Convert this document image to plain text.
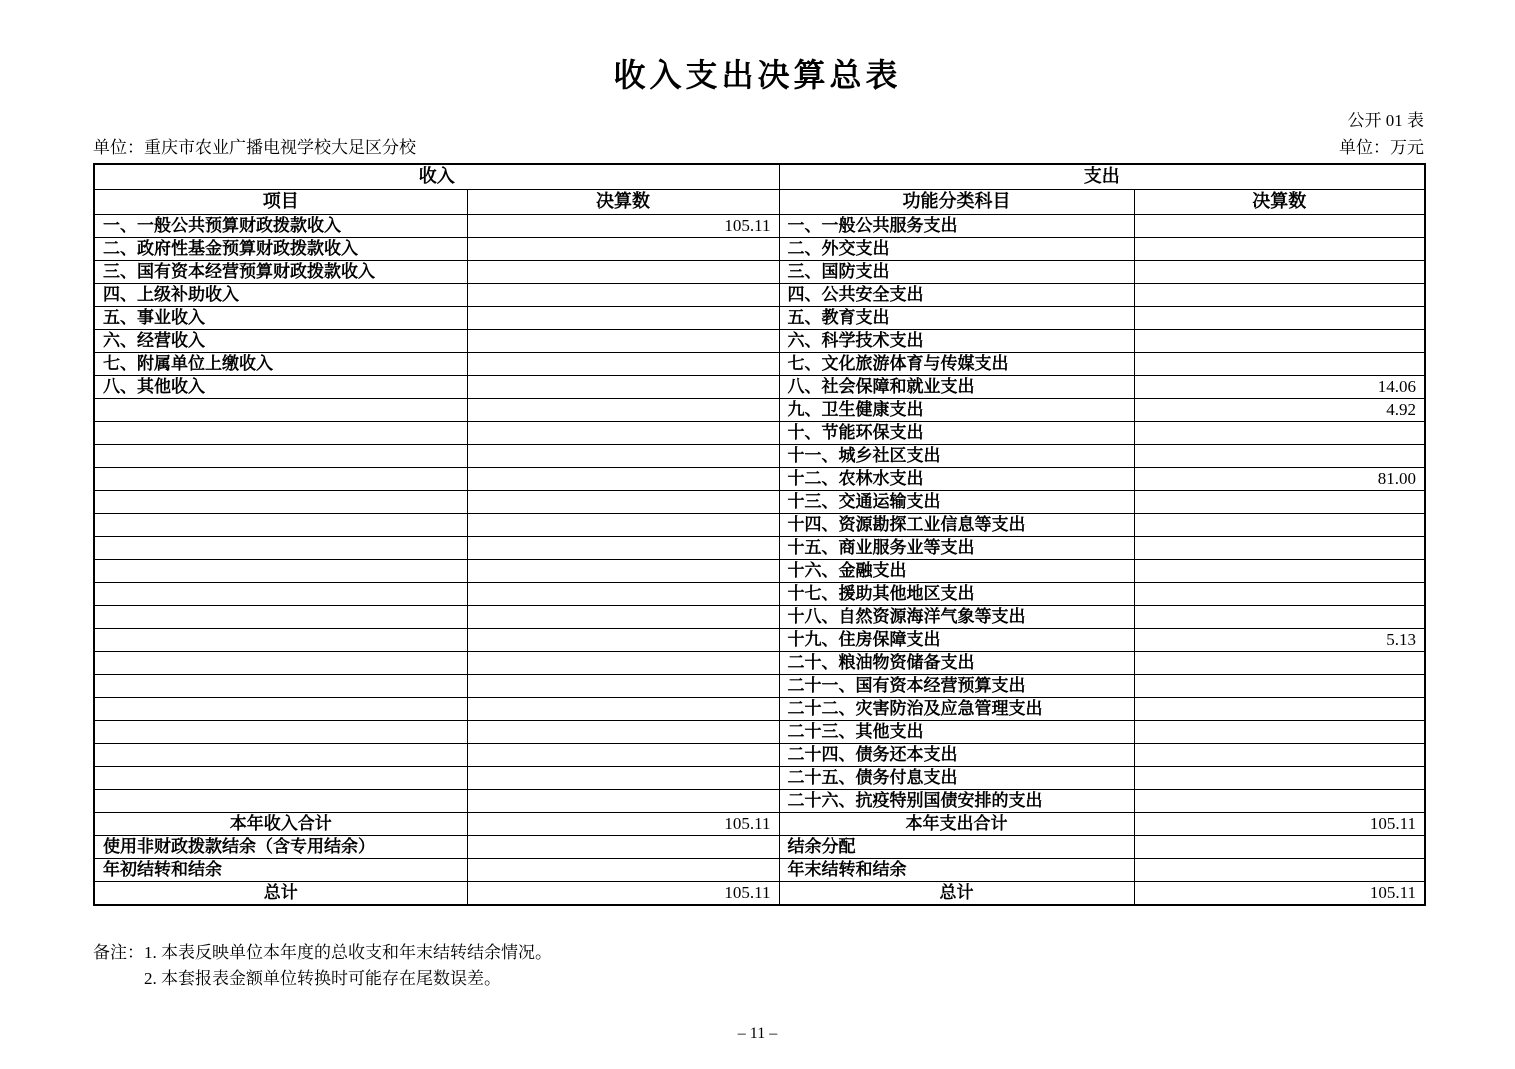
收入支出决算总表
公开 01 表
单位：重庆市农业广播电视学校大足区分校	单位：万元
收入		支出	
项目	决算数	功能分类科目	决算数
一、一般公共预算财政拨款收入	105.11	一、一般公共服务支出	
二、政府性基金预算财政拨款收入		二、外交支出	
三、国有资本经营预算财政拨款收入		三、国防支出	
四、上级补助收入		四、公共安全支出	
五、事业收入		五、教育支出	
六、经营收入		六、科学技术支出	
七、附属单位上缴收入		七、文化旅游体育与传媒支出	
八、其他收入		八、社会保障和就业支出	14.06
		九、卫生健康支出	4.92
		十、节能环保支出	
		十一、城乡社区支出	
		十二、农林水支出	81.00
		十三、交通运输支出	
		十四、资源勘探工业信息等支出	
		十五、商业服务业等支出	
		十六、金融支出	
		十七、援助其他地区支出	
		十八、自然资源海洋气象等支出	
		十九、住房保障支出	5.13
		二十、粮油物资储备支出	
		二十一、国有资本经营预算支出	
		二十二、灾害防治及应急管理支出	
		二十三、其他支出	
		二十四、债务还本支出	
		二十五、债务付息支出	
		二十六、抗疫特别国债安排的支出	
本年收入合计	105.11	本年支出合计	105.11
使用非财政拨款结余（含专用结余）		结余分配	
年初结转和结余		年末结转和结余	
总计	105.11	总计	105.11
备注： 1. 本表反映单位本年度的总收支和年末结转结余情况。
2. 本套报表金额单位转换时可能存在尾数误差。
– 11 –
